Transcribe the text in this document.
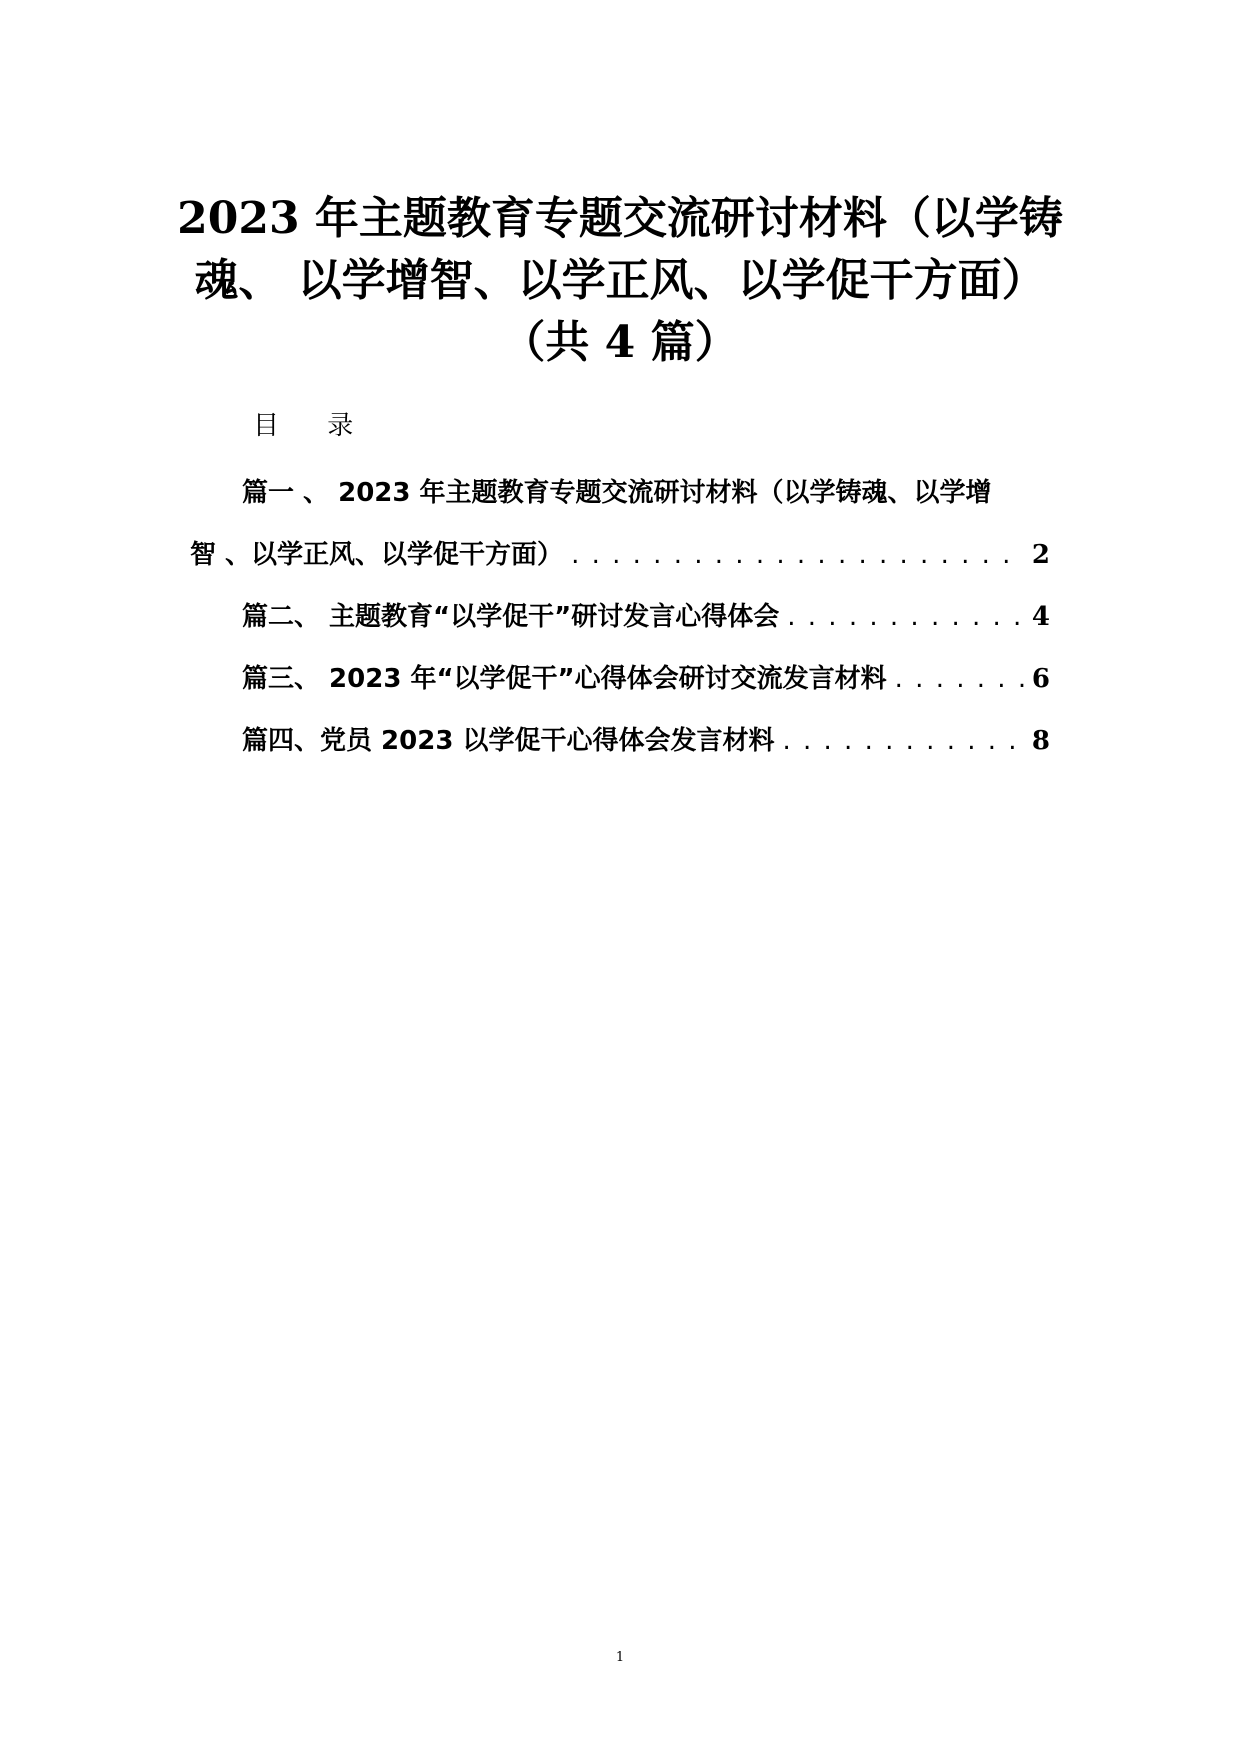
2023 年主题教育专题交流研讨材料（以学铸
魂、 以学增智、以学正风、以学促干方面）
（共 4 篇）
目 录
篇一 、 2023 年主题教育专题交流研讨材料（以学铸魂、以学增
智 、以学正风、以学促干方面） . . .	2
篇二、 主题教育“以学促干”研讨发言心得体会 . . .	4
篇三、 2023 年“以学促干”心得体会研讨交流发言材料 . . .	6
篇四、党员 2023 以学促干心得体会发言材料 . . .	8
1
